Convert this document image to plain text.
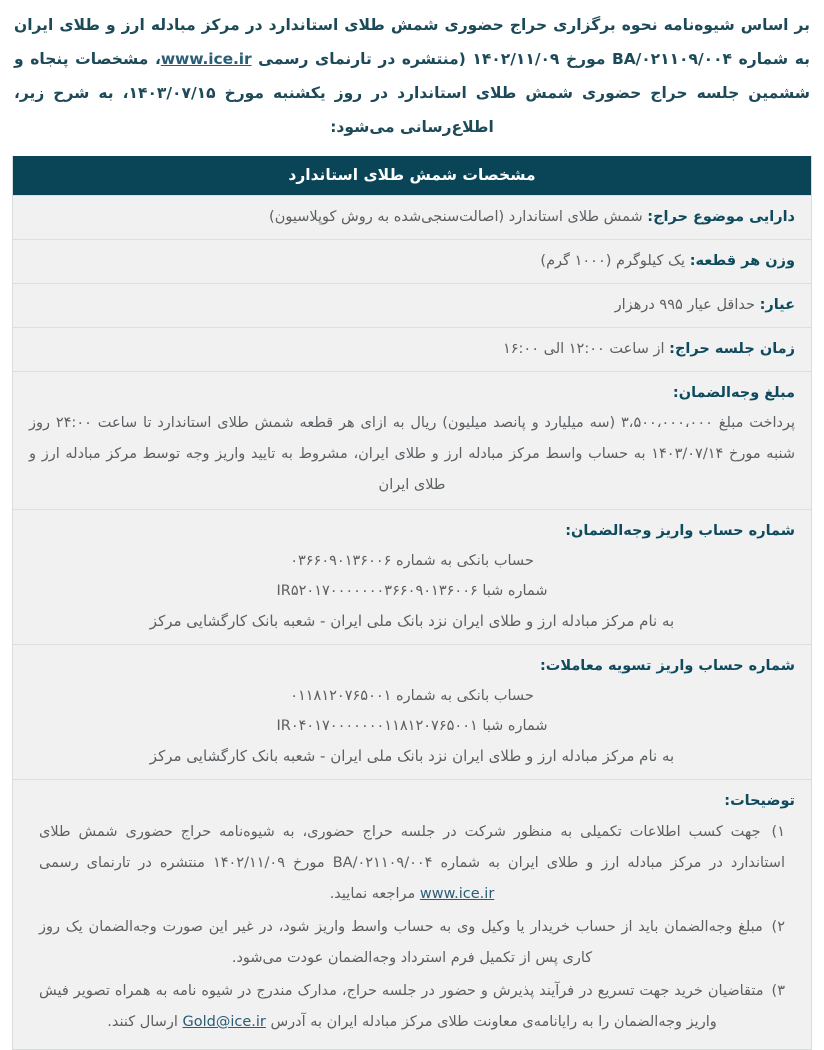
بر اساس شیوه‌نامه نحوه برگزاری حراج حضوری شمش طلای استاندارد در مرکز مبادله ارز و طلای ایران به شماره BA/۰۲۱۱۰۹/۰۰۴ مورخ ۱۴۰۲/۱۱/۰۹ (منتشره در تارنمای رسمی www.ice.ir، مشخصات پنجاه و ششمین جلسه حراج حضوری شمش طلای استاندارد در روز یکشنبه مورخ ۱۴۰۳/۰۷/۱۵، به شرح زیر، اطلاع‌رسانی می‌شود:
مشخصات شمش طلای استاندارد
دارایی موضوع حراج: شمش طلای استاندارد (اصالت‌سنجی‌شده به روش کوپلاسیون)
وزن هر قطعه: یک کیلوگرم (۱۰۰۰ گرم)
عیار: حداقل عیار ۹۹۵ درهزار
زمان جلسه حراج: از ساعت ۱۲:۰۰ الی ۱۶:۰۰
مبلغ وجه‌الضمان:
پرداخت مبلغ ۳،۵۰۰،۰۰۰،۰۰۰ (سه میلیارد و پانصد میلیون) ریال به ازای هر قطعه شمش طلای استاندارد تا ساعت ۲۴:۰۰ روز شنبه مورخ ۱۴۰۳/۰۷/۱۴ به حساب واسط مرکز مبادله ارز و طلای ایران، مشروط به تایید واریز وجه توسط مرکز مبادله ارز و طلای ایران
شماره حساب واریز وجه‌الضمان:
حساب بانکی به شماره ۰۳۶۶۰۹۰۱۳۶۰۰۶
شماره شبا IR۵۲۰۱۷۰۰۰۰۰۰۰۳۶۶۰۹۰۱۳۶۰۰۶
به نام مرکز مبادله ارز و طلای ایران نزد بانک ملی ایران - شعبه بانک کارگشایی مرکز
شماره حساب واریز تسویه معاملات:
حساب بانکی به شماره ۰۱۱۸۱۲۰۷۶۵۰۰۱
شماره شبا IR۰۴۰۱۷۰۰۰۰۰۰۰۱۱۸۱۲۰۷۶۵۰۰۱
به نام مرکز مبادله ارز و طلای ایران نزد بانک ملی ایران - شعبه بانک کارگشایی مرکز
توضیحات:
۱) جهت کسب اطلاعات تکمیلی به منظور شرکت در جلسه حراج حضوری، به شیوه‌نامه حراج حضوری شمش طلای استاندارد در مرکز مبادله ارز و طلای ایران به شماره BA/۰۲۱۱۰۹/۰۰۴ مورخ ۱۴۰۲/۱۱/۰۹ منتشره در تارنمای رسمی www.ice.ir مراجعه نمایید.
۲) مبلغ وجه‌الضمان باید از حساب خریدار یا وکیل وی به حساب واسط واریز شود، در غیر این صورت وجه‌الضمان یک روز کاری پس از تکمیل فرم استرداد وجه‌الضمان عودت می‌شود.
۳) متقاضیان خرید جهت تسریع در فرآیند پذیرش و حضور در جلسه حراج، مدارک مندرج در شیوه نامه به همراه تصویر فیش واریز وجه‌الضمان را به رایانامه‌ی معاونت طلای مرکز مبادله ایران به آدرس Gold@ice.ir ارسال کنند.
